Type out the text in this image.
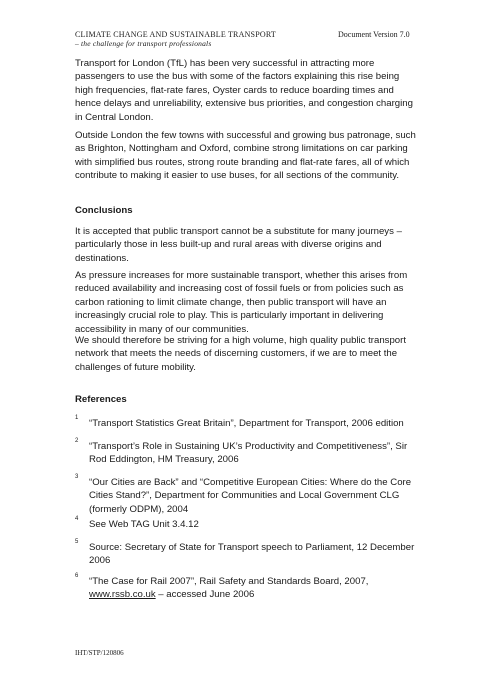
CLIMATE CHANGE AND SUSTAINABLE TRANSPORT
– the challenge for transport professionals
Document Version 7.0
Transport for London (TfL) has been very successful in attracting more passengers to use the bus with some of the factors explaining this rise being high frequencies, flat-rate fares, Oyster cards to reduce boarding times and hence delays and unreliability, extensive bus priorities, and congestion charging in Central London.
Outside London the few towns with successful and growing bus patronage, such as Brighton, Nottingham and Oxford, combine strong limitations on car parking with simplified bus routes, strong route branding and flat-rate fares, all of which contribute to making it easier to use buses, for all sections of the community.
Conclusions
It is accepted that public transport cannot be a substitute for many journeys – particularly those in less built-up and rural areas with diverse origins and destinations.
As pressure increases for more sustainable transport, whether this arises from reduced availability and increasing cost of fossil fuels or from policies such as carbon rationing to limit climate change, then public transport will have an increasingly crucial role to play. This is particularly important in delivering accessibility in many of our communities.
We should therefore be striving for a high volume, high quality public transport network that meets the needs of discerning customers, if we are to meet the challenges of future mobility.
References
1 “Transport Statistics Great Britain”, Department for Transport, 2006 edition
2 “Transport’s Role in Sustaining UK’s Productivity and Competitiveness”, Sir Rod Eddington, HM Treasury, 2006
3 “Our Cities are Back” and “Competitive European Cities: Where do the Core Cities Stand?”, Department for Communities and Local Government CLG (formerly ODPM), 2004
4 See Web TAG Unit 3.4.12
5 Source: Secretary of State for Transport speech to Parliament, 12 December 2006
6 “The Case for Rail 2007”, Rail Safety and Standards Board, 2007, www.rssb.co.uk – accessed June 2006
IHT/STP/120806
